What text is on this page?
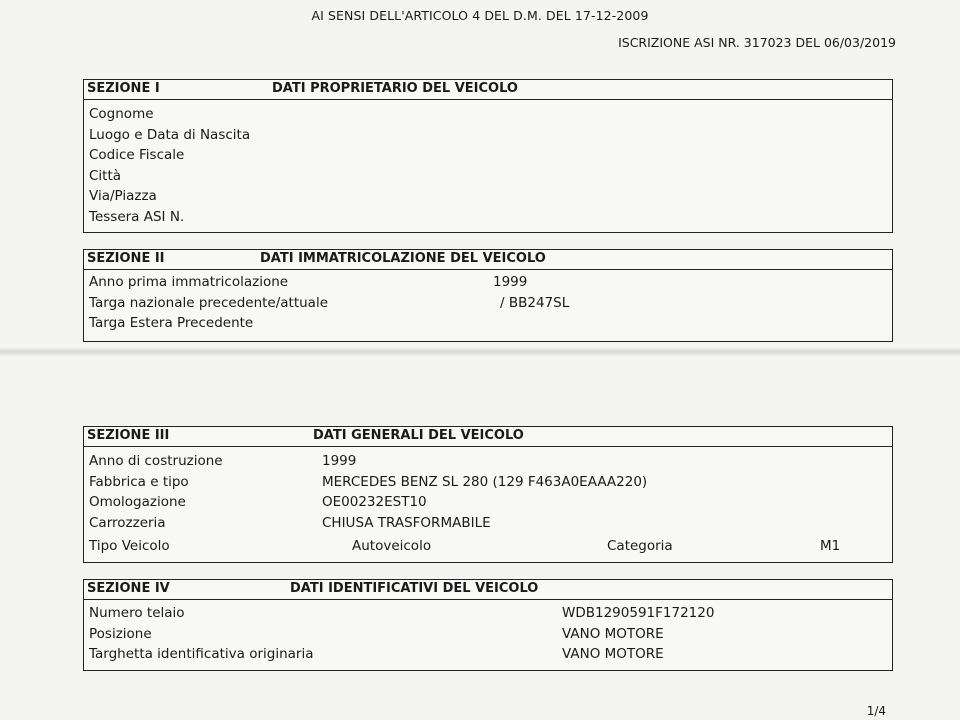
AI SENSI DELL'ARTICOLO 4 DEL D.M. DEL 17-12-2009
ISCRIZIONE ASI NR. 317023 DEL 06/03/2019
SEZIONE I	DATI PROPRIETARIO DEL VEICOLO
Cognome
Luogo e Data di Nascita
Codice Fiscale
Città
Via/Piazza
Tessera ASI N.
SEZIONE II	DATI IMMATRICOLAZIONE DEL VEICOLO
Anno prima immatricolazione	1999
Targa nazionale precedente/attuale	/ BB247SL
Targa Estera Precedente
SEZIONE III	DATI GENERALI DEL VEICOLO
Anno di costruzione	1999
Fabbrica e tipo	MERCEDES BENZ SL 280 (129 F463A0EAAA220)
Omologazione	OE00232EST10
Carrozzeria	CHIUSA TRASFORMABILE
Tipo Veicolo	Autoveicolo	Categoria	M1
SEZIONE IV	DATI IDENTIFICATIVI DEL VEICOLO
Numero telaio	WDB1290591F172120
Posizione	VANO MOTORE
Targhetta identificativa originaria	VANO MOTORE
1/4
